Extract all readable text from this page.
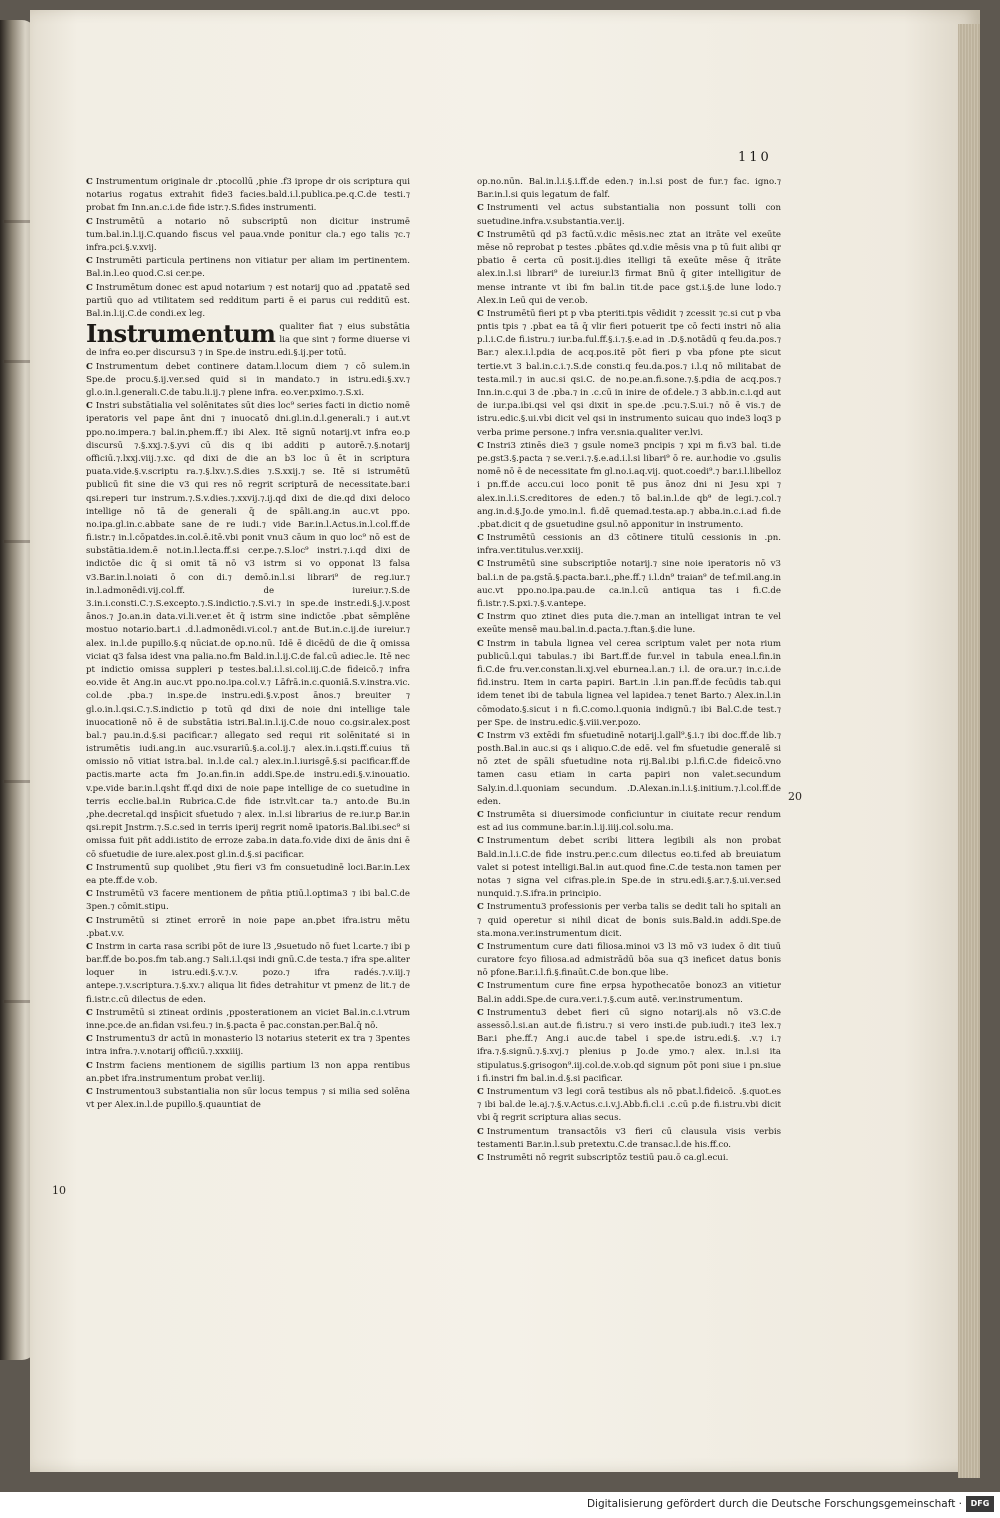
110
10
20

C Instrumentum originale dr .ptocollū ,phie .f3 iprope dr ois scriptura qui notarius rogatus extrahit fide3 facies.bald.i.l.publica.pe.q.C.de testi.⁊ probat fm Inn.an.c.i.de fide istr.⁊.S.fides instrumenti.

C Instrumētū a notario nō subscriptū non dicitur instrumē tum.bal.in.l.ij.C.quando fiscus vel paua.vnde ponitur cla.⁊ ego talis ⁊c.⁊ infra.pci.§.v.xvij.

C Instrumēti particula pertinens non vitiatur per aliam im pertinentem. Bal.in.l.eo quod.C.si cer.pe.

C Instrumētum donec est apud notarium ⁊ est notarij quo ad .ppatatē sed partiū quo ad vtilitatem sed redditum parti ē ei parus cui redditū est. Bal.in.l.ij.C.de condi.ex leg.

Instrumentum qualiter fiat ⁊ eius substātia lia que sint ⁊ forme diuerse vi de infra eo.per discursu3 ⁊ in Spe.de instru.edi.§.ij.per totū.

C Instrumentum debet continere datam.l.locum diem ⁊ cō sulem.in Spe.de procu.§.ij.ver.sed quid si in mandato.⁊ in istru.edi.§.xv.⁊ gl.o.in.l.generali.C.de tabu.li.ij.⁊ plene infra. eo.ver.pximo.⁊.S.xi.

C Instri substātialia vel solēnitates sūt dies loc⁹ series facti in dictio nomē iperatoris vel pape ānt dni ⁊ inuocatō dni.gl.in.d.l.generali.⁊ i aut.vt ppo.no.impera.⁊ bal.in.phem.ff.⁊ ibi Alex. Itē signū notarij.vt infra eo.p discursū ⁊.§.xxj.⁊.§.yvi cū dis q ibi additi p autorē.⁊.§.notarij officiū.⁊.lxxj.viij.⁊.xc. qd dixi de die an b3 loc ū ēt in scriptura puata.vide.§.v.scriptu ra.⁊.§.lxv.⁊.S.dies ⁊.S.xxij.⁊ se. Itē si istrumētū publicū fit sine die v3 qui res nō regrit scripturā de necessitate.bar.i qsi.reperi tur instrum.⁊.S.v.dies.⁊.xxvij.⁊.ij.qd dixi de die.qd dixi deloco intellige nō tā de generali q̄ de spāli.ang.in auc.vt ppo. no.ipa.gl.in.c.abbate sane de re iudi.⁊ vide Bar.in.l.Actus.in.l.col.ff.de fi.istr.⁊ in.l.cōpatdes.in.col.ē.itē.vbi ponit vnu3 cāum in quo loc⁹ nō est de substātia.idem.ē not.in.l.lecta.ff.si cer.pe.⁊.S.loc⁹ instri.⁊.i.qd dixi de indictōe dic q̄ si omit tā nō v3 istrm si vo opponat l3 falsa v3.Bar.in.l.noiati ō con di.⁊ demō.in.l.si librari⁹ de reg.iur.⁊ in.l.admonēdi.vij.col.ff. de iureiur.⁊.S.de 3.in.i.consti.C.⁊.S.excepto.⁊.S.indictio.⁊.S.vi.⁊ in spe.de instr.edi.§.j.v.post ānos.⁊ Jo.an.in data.vi.li.ver.et ēt q̄ istrm sine indictōe .pbat sēmplēne mostuo notario.bart.i .d.l.admonēdi.vi.col.⁊ ant.de But.in.c.ij.de iureiur.⁊ alex. in.l.de pupillo.§.q nūciat.de op.no.nū. Idē ē dicēdū de die q̄ omissa viciat q3 falsa idest vna palia.no.fm Bald.in.l.ij.C.de fal.cū adiec.le. Itē nec pt indictio omissa suppleri p testes.bal.i.l.si.col.iij.C.de fideicō.⁊ infra eo.vide ēt Ang.in auc.vt ppo.no.ipa.col.v.⁊ Lāfrā.in.c.quoniā.S.v.instra.vic. col.de .pba.⁊ in.spe.de instru.edi.§.v.post ānos.⁊ breuiter ⁊ gl.o.in.l.qsi.C.⁊.S.indictio p totū qd dixi de noie dni intellige tale inuocationē nō ē de substātia istri.Bal.in.l.ij.C.de nouo co.gsir.alex.post bal.⁊ pau.in.d.§.si pacificar.⁊ allegato sed requi rit solēnitaté si in istrumētis iudi.ang.in auc.vsurariū.§.a.col.ij.⁊ alex.in.i.qsti.ff.cuius tñ omissio nō vitiat istra.bal. in.l.de cal.⁊ alex.in.l.iurisgē.§.si pacificar.ff.de pactis.marte acta fm Jo.an.fin.in addi.Spe.de instru.edi.§.v.inouatio. v.pe.vide bar.in.l.qsht ff.qd dixi de noie pape intellige de co suetudine in terris ecclie.bal.in Rubrica.C.de fide istr.vlt.car ta.⁊ anto.de Bu.in ,phe.decretal.qd insp̄icit sfuetudo ⁊ alex. in.l.si librarius de re.iur.p Bar.in qsi.repit Jnstrm.⁊.S.c.sed in terris iperij regrit nomē ipatoris.Bal.ibi.sec⁹ si omissa fuit pñt addi.istito de erroze zaba.in data.fo.vide dixi de ānis dni ē cō sfuetudie de iure.alex.post gl.in.d.§.si pacificar.

C Instrumentū sup quolibet ,9tu fieri v3 fm consuetudinē loci.Bar.in.Lex ea pte.ff.de v.ob.

C Instrumētū v3 facere mentionem de pñtia ptiū.l.optima3 ⁊ ibi bal.C.de 3pen.⁊ cōmit.stipu.

C Instrumētū si ztinet errorē in noie pape an.pbet ifra.istru mētu .pbat.v.v.

C Instrm in carta rasa scribi pōt de iure l3 ,9suetudo nō fuet l.carte.⁊ ibi p bar.ff.de bo.pos.fm tab.ang.⁊ Sali.i.l.qsi indi gnū.C.de testa.⁊ ifra spe.aliter loquer in istru.edi.§.v.⁊.v. pozo.⁊ ifra radés.⁊.v.iij.⁊ antepe.⁊.v.scriptura.⁊.§.xv.⁊ aliqua lit fides detrahitur vt pmenz de lit.⁊ de fi.istr.c.cū dilectus de eden.

C Instrumētū si ztineat ordinis ,pposterationem an viciet Bal.in.c.i.vtrum inne.pce.de an.fidan vsi.feu.⁊ in.§.pacta ē pac.constan.per.Bal.q̄ nō.

C Instrumentu3 dr actū in monasterio l3 notarius steterit ex tra ⁊ 3pentes intra infra.⁊.v.notarij officiū.⁊.xxxiiij.

C Instrm faciens mentionem de sigillis partium l3 non appa rentibus an.pbet ifra.instrumentum probat ver.liij.

C Instrumentou3 substantialia non sūr locus tempus ⁊ si milia sed solēna vt per Alex.in.l.de pupillo.§.quauntiat de

op.no.nūn. Bal.in.l.i.§.i.ff.de eden.⁊ in.l.si post de fur.⁊ fac. igno.⁊ Bar.in.l.si quis legatum de falf.

C Instrumenti vel actus substantialia non possunt tolli con suetudine.infra.v.substantia.ver.ij.

C Instrumētū qd p3 factū.v.dic mēsis.nec ztat an itrāte vel exeūte mēse nō reprobat p testes .pbātes qd.v.die mēsis vna p tū fuit alibi qr pbatio ē certa cū posit.ij.dies itelligi tā exeūte mēse q̄ itrāte alex.in.l.si librari⁹ de iureiur.l3 firmat Bnū q̄ giter intelligitur de mense intrante vt ibi fm bal.in tit.de pace gst.i.§.de lune lodo.⁊ Alex.in Leū qui de ver.ob.

C Instrumētū fieri pt p vba pteriti.tpis vēdidit ⁊ zcessit ⁊c.si cut p vba pntis tpis ⁊ .pbat ea tā q̄ vlir fieri potuerit tpe cō fecti instri nō alia p.l.i.C.de fi.istru.⁊ iur.ba.ful.ff.§.i.⁊.§.e.ad in .D.§.notādū q feu.da.pos.⁊ Bar.⁊ alex.i.l.pdia de acq.pos.itē pōt fieri p vba pfone pte sicut tertie.vt 3 bal.in.c.i.⁊.S.de consti.q feu.da.pos.⁊ i.l.q nō militabat de testa.mil.⁊ in auc.si qsi.C. de no.pe.an.fi.sone.⁊.§.pdia de acq.pos.⁊ Inn.in.c.qui 3 de .pba.⁊ in .c.cū in inire de of.dele.⁊ 3 abb.in.c.i.qd aut de iur.pa.ibi.qsi vel qsi dixit in spe.de .pcu.⁊.S.ui.⁊ nō ē vis.⁊ de istru.edic.§.ui.vbi dicit vel qsi in instrumento suicau quo inde3 loq3 p verba prime persone.⁊ infra ver.snia.qualiter ver.lvi.

C Instri3 ztinēs die3 ⁊ gsule nome3 pncipis ⁊ xpi m fi.v3 bal. ti.de pe.gst3.§.pacta ⁊ se.ver.i.⁊.§.e.ad.i.l.si libari⁹ ō re. aur.hodie vo .gsulis nomē nō ē de necessitate fm gl.no.i.aq.vij. quot.coedi⁹.⁊ bar.i.l.libelloz i pn.ff.de accu.cui loco ponit tē pus ānoz dni ni Jesu xpi ⁊ alex.in.l.i.S.creditores de eden.⁊ tō bal.in.l.de qb⁹ de legi.⁊.col.⁊ ang.in.d.§.Jo.de ymo.in.l. fi.dē quemad.testa.ap.⁊ abba.in.c.i.ad fi.de .pbat.dicit q de gsuetudine gsul.nō apponitur in instrumento.

C Instrumētū cessionis an d3 cōtinere titulū cessionis in .pn. infra.ver.titulus.ver.xxiij.

C Instrumētū sine subscriptiōe notarij.⁊ sine noie iperatoris nō v3 bal.i.n de pa.gstā.§.pacta.bar.i.,phe.ff.⁊ i.l.dn⁹ traian⁹ de tef.mil.ang.in auc.vt ppo.no.ipa.pau.de ca.in.l.cū antiqua tas i fi.C.de fi.istr.⁊.S.pxi.⁊.§.v.antepe.

C Instrm quo ztinet dies puta die.⁊.man an intelligat intran te vel exeūte mensē mau.bal.in.d.pacta.⁊.ftan.§.die lune.

C Instrm in tabula lignea vel cerea scriptum valet per nota rium publicū.l.qui tabulas.⁊ ibi Bart.ff.de fur.vel in tabula enea.l.fin.in fi.C.de fru.ver.constan.li.xj.vel eburnea.l.an.⁊ i.l. de ora.ur.⁊ in.c.i.de fid.instru. Item in carta papiri. Bart.in .l.in pan.ff.de fecūdis tab.qui idem tenet ibi de tabula lignea vel lapidea.⁊ tenet Barto.⁊ Alex.in.l.in cōmodato.§.sicut i n fi.C.como.l.quonia indignū.⁊ ibi Bal.C.de test.⁊ per Spe. de instru.edic.§.viii.ver.pozo.

C Instrm v3 extēdi fm sfuetudinē notarij.l.gall⁹.§.i.⁊ ibi doc.ff.de lib.⁊ posth.Bal.in auc.si qs i aliquo.C.de edē. vel fm sfuetudie generalē si nō ztet de spāli sfuetudine nota rij.Bal.ibi p.l.fi.C.de fideicō.vno tamen casu etiam in carta papiri non valet.secundum Saly.in.d.l.quoniam secundum. .D.Alexan.in.l.i.§.initium.⁊.l.col.ff.de eden.

C Instrumēta si diuersimode conficiuntur in ciuitate recur rendum est ad ius commune.bar.in.l.ij.iiij.col.solu.ma.

C Instrumentum debet scribi littera legibili als non probat Bald.in.l.i.C.de fide instru.per.c.cum dilectus eo.ti.fed ab breuiatum valet si potest intelligi.Bal.in aut.quod fine.C.de testa.non tamen per notas ⁊ signa vel cifras.ple.in Spe.de in stru.edi.§.ar.⁊.§.ui.ver.sed nunquid.⁊.S.ifra.in principio.

C Instrumentu3 professionis per verba talis se dedit tali ho spitali an ⁊ quid operetur si nihil dicat de bonis suis.Bald.in addi.Spe.de sta.mona.ver.instrumentum dicit.

C Instrumentum cure dati filiosa.minoi v3 l3 mō v3 iudex ō dit tiuū curatore fcyo filiosa.ad admistrādū bōa sua q3 ineficet datus bonis nō pfone.Bar.i.l.fi.§.finaūt.C.de bon.que libe.

C Instrumentum cure fine erpsa hypothecatōe bonoz3 an vitietur Bal.in addi.Spe.de cura.ver.i.⁊.§.cum autē. ver.instrumentum.

C Instrumentu3 debet fieri cū signo notarij.als nō v3.C.de assessō.l.si.an aut.de fi.istru.⁊ si vero insti.de pub.iudi.⁊ ite3 lex.⁊ Bar.i phe.ff.⁊ Ang.i auc.de tabel i spe.de istru.edi.§. .v.⁊ i.⁊ ifra.⁊.§.signū.⁊.§.xvj.⁊ plenius p Jo.de ymo.⁊ alex. in.l.si ita stipulatus.§.grisogon⁹.iij.col.de.v.ob.qd signum pōt poni siue i pn.siue i fi.instri fm bal.in.d.§.si pacificar.

C Instrumentum v3 legi corā testibus als nō pbat.l.fideicō. .§.quot.es ⁊ ibi bal.de le.aj.⁊.§.v.Actus.c.i.v.j.Abb.fi.cl.i .c.cū p.de fi.istru.vbi dicit vbi q̄ regrit scriptura alias secus.

C Instrumentum transactōis v3 fieri cū clausula visis verbis testamenti Bar.in.l.sub pretextu.C.de transac.l.de his.ff.co.

C Instrumēti nō regrit subscriptōz testiū pau.ō ca.gl.ecui.

Digitalisierung gefördert durch die Deutsche Forschungsgemeinschaft ·	DFG
